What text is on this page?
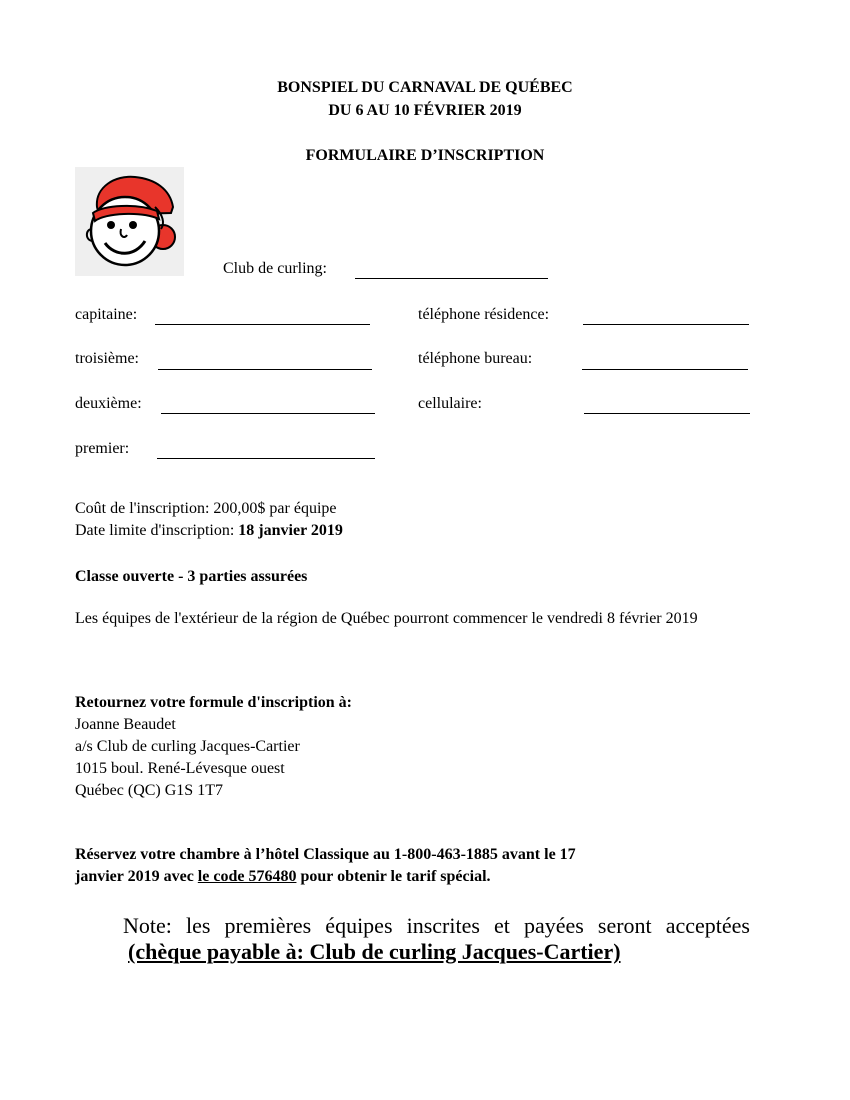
BONSPIEL DU CARNAVAL DE QUÉBEC
DU 6 AU 10 FÉVRIER 2019
FORMULAIRE D’INSCRIPTION
Club de curling:
capitaine:
troisième:
deuxième:
premier:
téléphone résidence:
téléphone bureau:
cellulaire:
Coût de l'inscription: 200,00$ par équipe
Date limite d'inscription: 18 janvier 2019
Classe ouverte - 3 parties assurées
Les équipes de l'extérieur de la région de Québec pourront commencer le vendredi 8 février 2019
Retournez votre formule d'inscription à:
Joanne Beaudet
a/s Club de curling Jacques-Cartier
1015 boul. René-Lévesque ouest
Québec (QC) G1S 1T7
Réservez votre chambre à l’hôtel Classique au 1-800-463-1885 avant le 17
janvier 2019 avec le code 576480 pour obtenir le tarif spécial.
Note: les premières équipes inscrites et payées seront acceptées
(chèque payable à: Club de curling Jacques-Cartier)
